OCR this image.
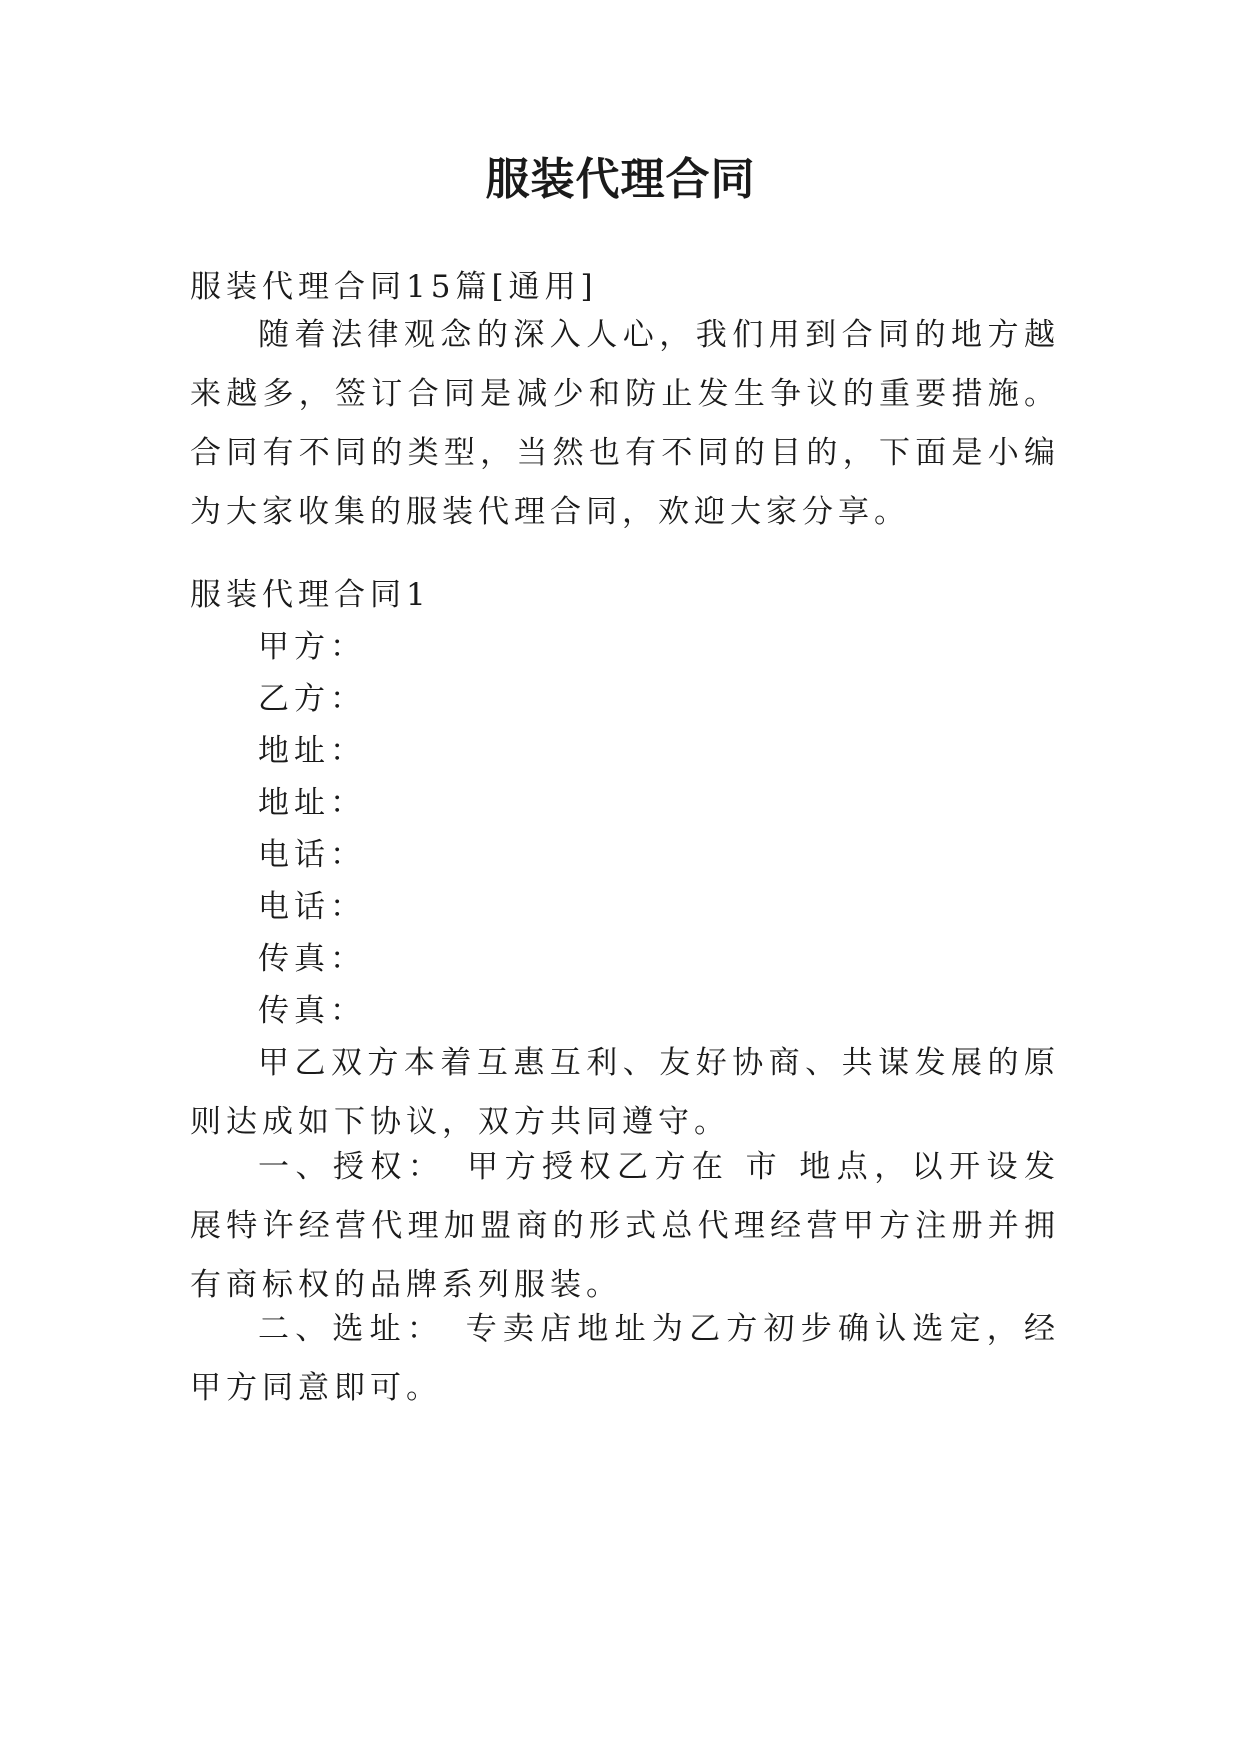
服装代理合同
服装代理合同15篇[通用]
随着法律观念的深入人心，我们用到合同的地方越来越多，签订合同是减少和防止发生争议的重要措施。合同有不同的类型，当然也有不同的目的，下面是小编为大家收集的服装代理合同，欢迎大家分享。
服装代理合同1
甲方：
乙方：
地址：
地址：
电话：
电话：
传真：
传真：
甲乙双方本着互惠互利、友好协商、共谋发展的原则达成如下协议，双方共同遵守。
一、授权：　甲方授权乙方在 市 地点，以开设发展特许经营代理加盟商的形式总代理经营甲方注册并拥有商标权的品牌系列服装。
二、选址：　专卖店地址为乙方初步确认选定，经甲方同意即可。
